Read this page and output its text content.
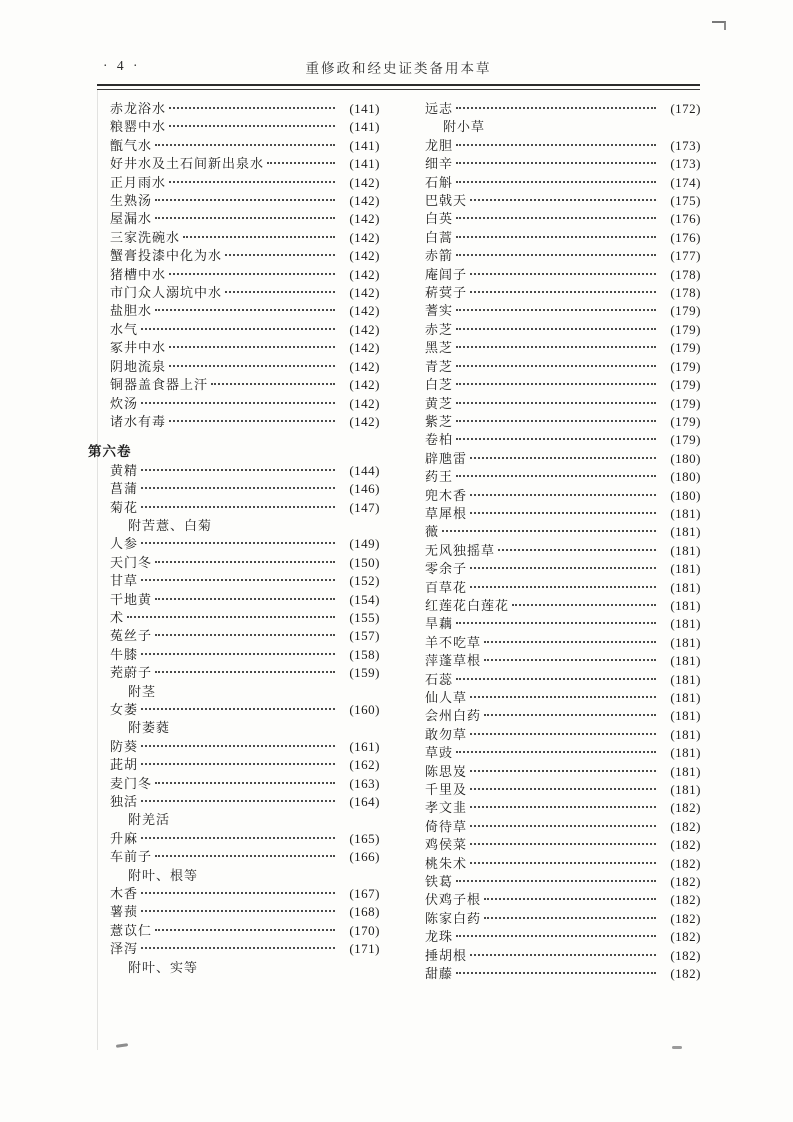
· 4 ·	重修政和经史证类备用本草
赤龙浴水	(141)
粮罂中水	(141)
甑气水	(141)
好井水及土石间新出泉水	(141)
正月雨水	(142)
生熟汤	(142)
屋漏水	(142)
三家洗碗水	(142)
蟹膏投漆中化为水	(142)
猪槽中水	(142)
市门众人溺坑中水	(142)
盐胆水	(142)
水气	(142)
冢井中水	(142)
阴地流泉	(142)
铜器盖食器上汗	(142)
炊汤	(142)
诸水有毒	(142)
第六卷
黄精	(144)
菖蒲	(146)
菊花	(147)
附苦薏、白菊
人参	(149)
天门冬	(150)
甘草	(152)
干地黄	(154)
术	(155)
菟丝子	(157)
牛膝	(158)
茺蔚子	(159)
附茎
女萎	(160)
附萎蕤
防葵	(161)
茈胡	(162)
麦门冬	(163)
独活	(164)
附羌活
升麻	(165)
车前子	(166)
附叶、根等
木香	(167)
薯蓣	(168)
薏苡仁	(170)
泽泻	(171)
附叶、实等
远志	(172)
附小草
龙胆	(173)
细辛	(173)
石斛	(174)
巴戟天	(175)
白英	(176)
白蒿	(176)
赤箭	(177)
庵闾子	(178)
菥蓂子	(178)
蓍实	(179)
赤芝	(179)
黑芝	(179)
青芝	(179)
白芝	(179)
黄芝	(179)
紫芝	(179)
卷柏	(179)
辟虺雷	(180)
药王	(180)
兜木香	(180)
草犀根	(181)
薇	(181)
无风独摇草	(181)
零余子	(181)
百草花	(181)
红莲花白莲花	(181)
旱藕	(181)
羊不吃草	(181)
萍蓬草根	(181)
石蕊	(181)
仙人草	(181)
会州白药	(181)
敢勿草	(181)
草豉	(181)
陈思岌	(181)
千里及	(181)
孝文韭	(182)
倚待草	(182)
鸡侯菜	(182)
桃朱术	(182)
铁葛	(182)
伏鸡子根	(182)
陈家白药	(182)
龙珠	(182)
捶胡根	(182)
甜藤	(182)
